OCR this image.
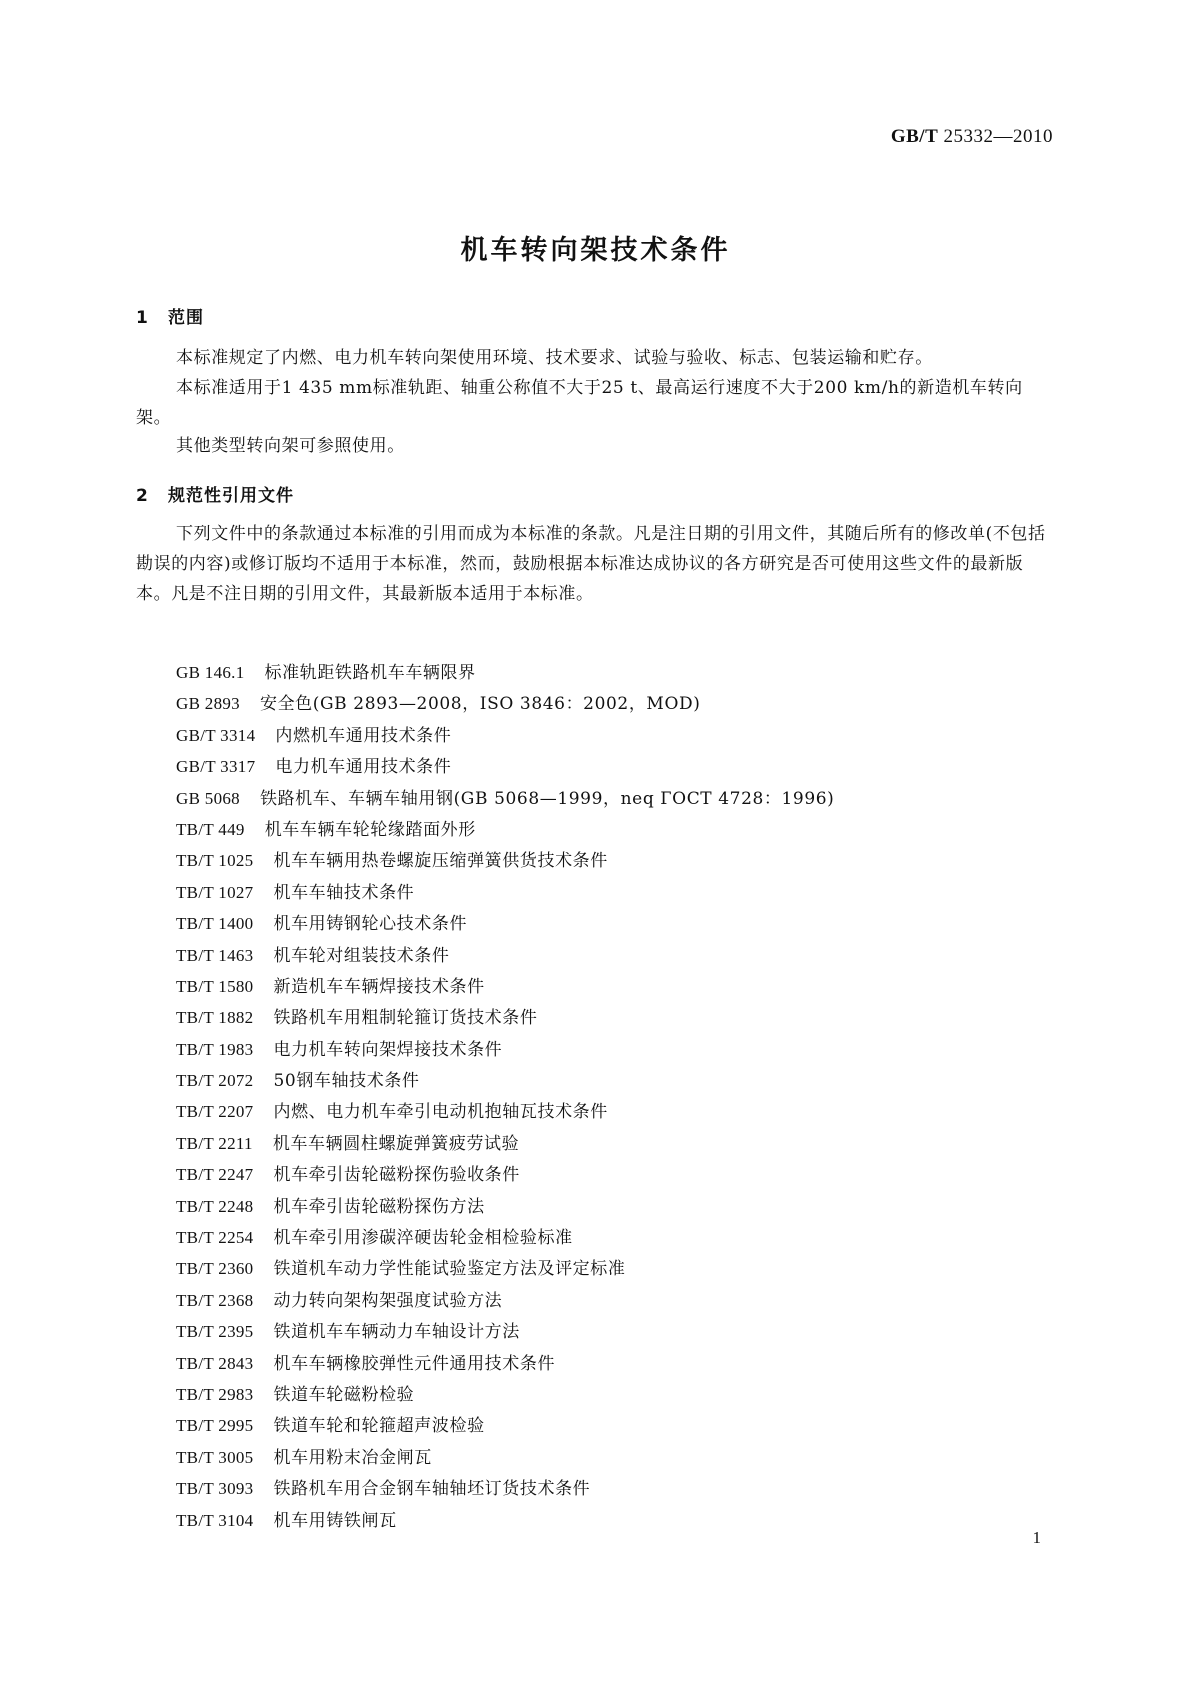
GB/T 25332—2010
机车转向架技术条件
1 范围
本标准规定了内燃、电力机车转向架使用环境、技术要求、试验与验收、标志、包装运输和贮存。
本标准适用于1 435 mm标准轨距、轴重公称值不大于25 t、最高运行速度不大于200 km/h的新造机车转向架。
其他类型转向架可参照使用。
2 规范性引用文件
下列文件中的条款通过本标准的引用而成为本标准的条款。凡是注日期的引用文件，其随后所有的修改单(不包括勘误的内容)或修订版均不适用于本标准，然而，鼓励根据本标准达成协议的各方研究是否可使用这些文件的最新版本。凡是不注日期的引用文件，其最新版本适用于本标准。
GB 146.1 标准轨距铁路机车车辆限界
GB 2893 安全色(GB 2893—2008，ISO 3846：2002，MOD)
GB/T 3314 内燃机车通用技术条件
GB/T 3317 电力机车通用技术条件
GB 5068 铁路机车、车辆车轴用钢(GB 5068—1999，neq ГОСТ 4728：1996)
TB/T 449 机车车辆车轮轮缘踏面外形
TB/T 1025 机车车辆用热卷螺旋压缩弹簧供货技术条件
TB/T 1027 机车车轴技术条件
TB/T 1400 机车用铸钢轮心技术条件
TB/T 1463 机车轮对组装技术条件
TB/T 1580 新造机车车辆焊接技术条件
TB/T 1882 铁路机车用粗制轮箍订货技术条件
TB/T 1983 电力机车转向架焊接技术条件
TB/T 2072 50钢车轴技术条件
TB/T 2207 内燃、电力机车牵引电动机抱轴瓦技术条件
TB/T 2211 机车车辆圆柱螺旋弹簧疲劳试验
TB/T 2247 机车牵引齿轮磁粉探伤验收条件
TB/T 2248 机车牵引齿轮磁粉探伤方法
TB/T 2254 机车牵引用渗碳淬硬齿轮金相检验标准
TB/T 2360 铁道机车动力学性能试验鉴定方法及评定标准
TB/T 2368 动力转向架构架强度试验方法
TB/T 2395 铁道机车车辆动力车轴设计方法
TB/T 2843 机车车辆橡胶弹性元件通用技术条件
TB/T 2983 铁道车轮磁粉检验
TB/T 2995 铁道车轮和轮箍超声波检验
TB/T 3005 机车用粉末冶金闸瓦
TB/T 3093 铁路机车用合金钢车轴轴坯订货技术条件
TB/T 3104 机车用铸铁闸瓦
1
